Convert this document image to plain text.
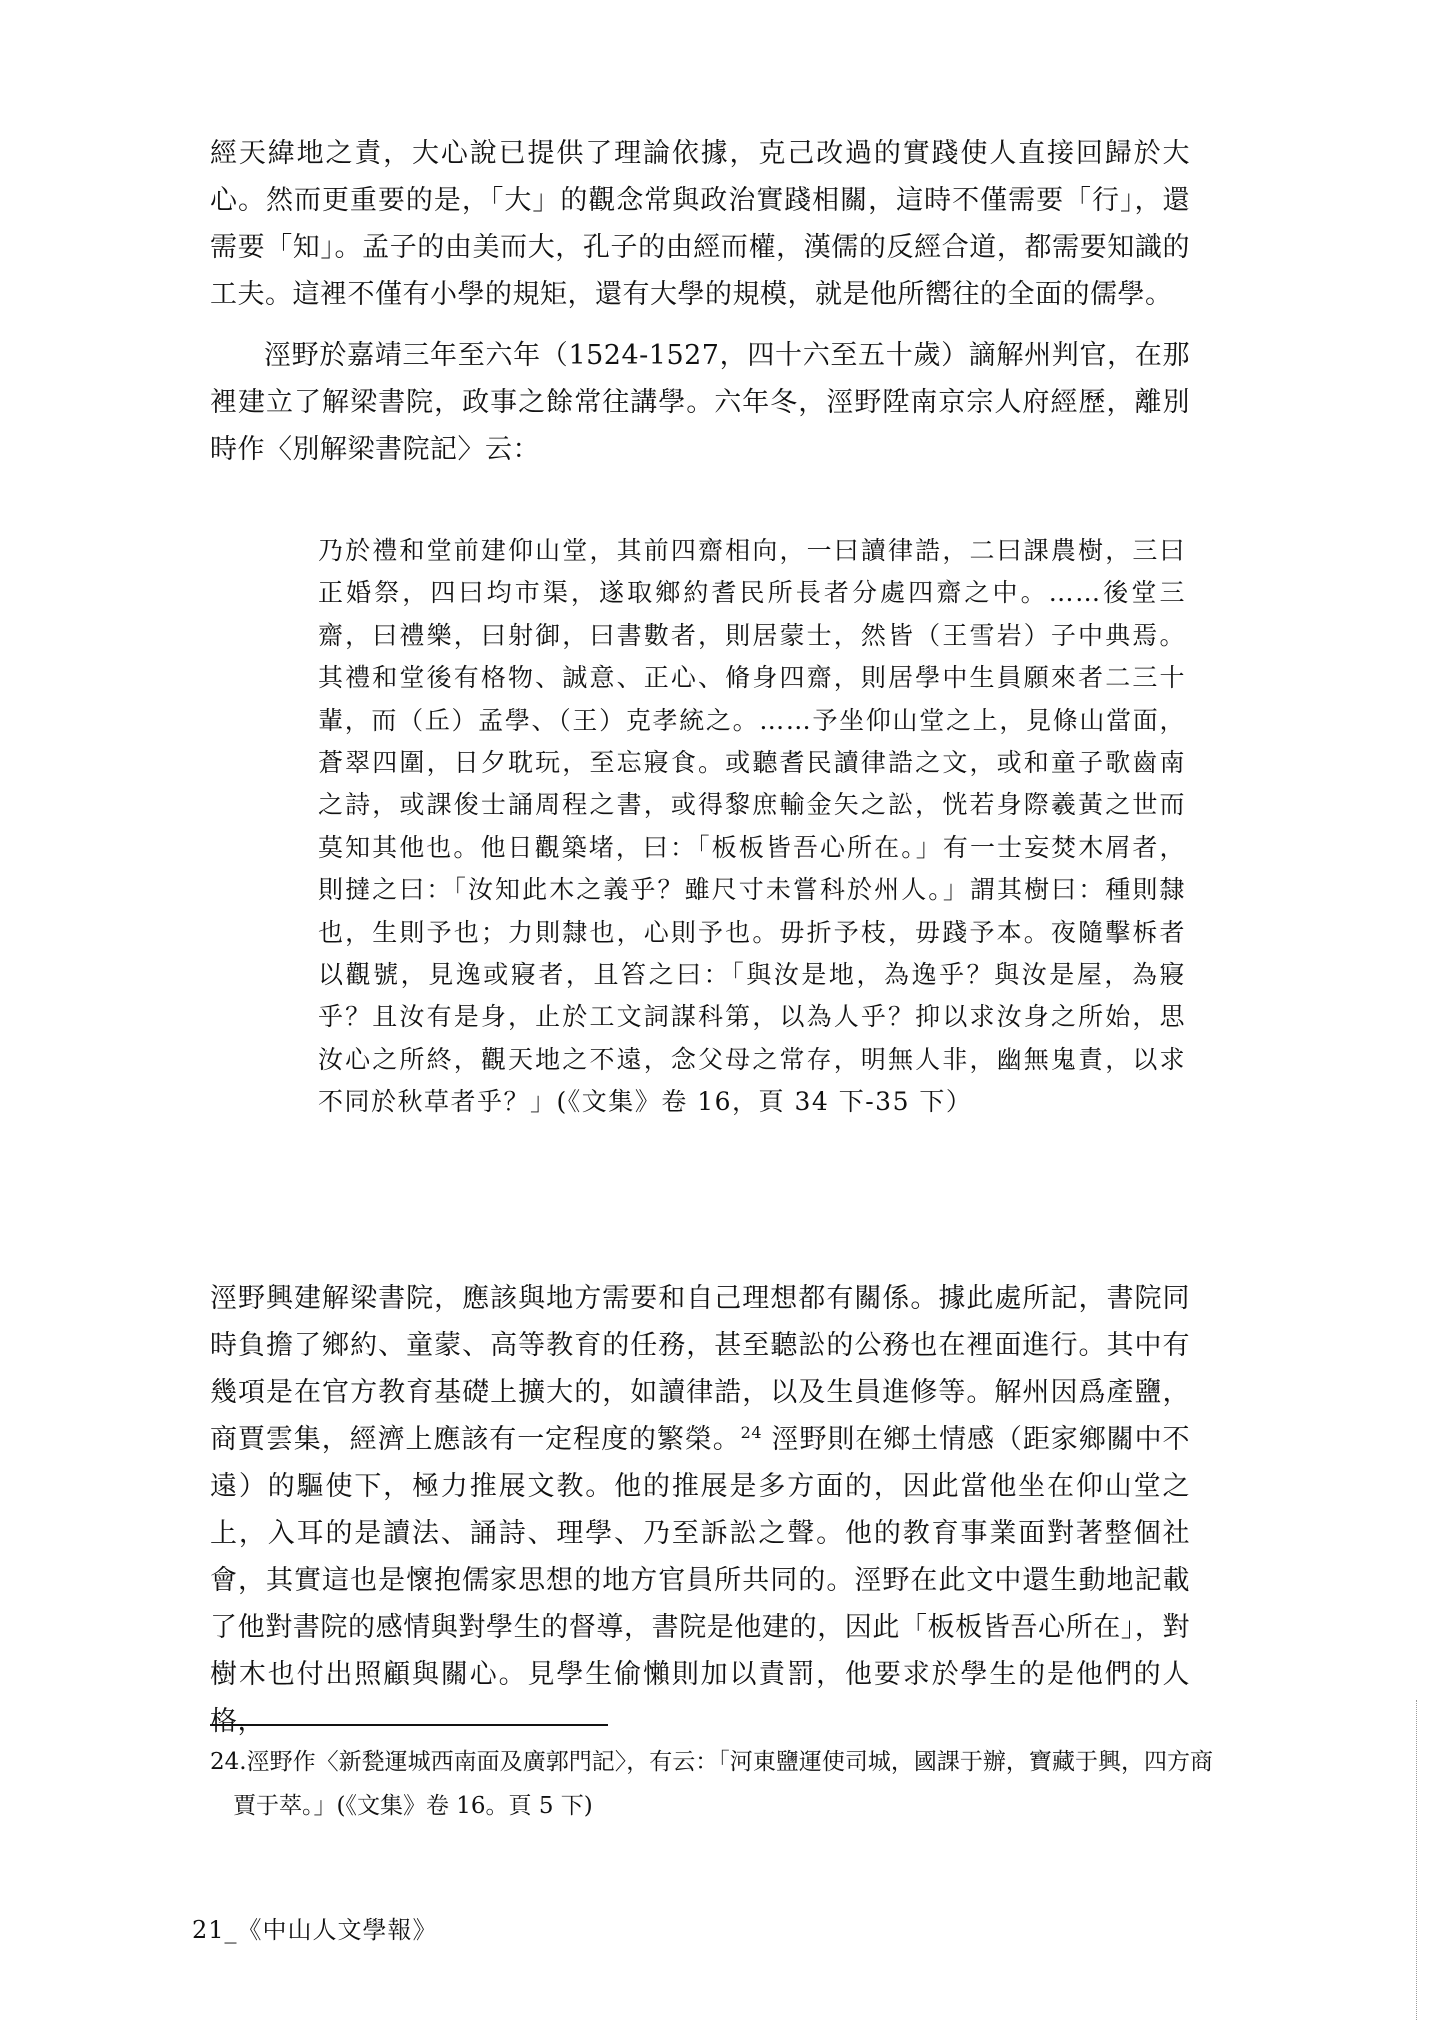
經天緯地之責，大心說已提供了理論依據，克己改過的實踐使人直接回歸於大心。然而更重要的是，「大」的觀念常與政治實踐相關，這時不僅需要「行」，還需要「知」。孟子的由美而大，孔子的由經而權，漢儒的反經合道，都需要知識的工夫。這裡不僅有小學的規矩，還有大學的規模，就是他所嚮往的全面的儒學。

涇野於嘉靖三年至六年（1524-1527，四十六至五十歲）謫解州判官，在那裡建立了解梁書院，政事之餘常往講學。六年冬，涇野陞南京宗人府經歷，離別時作〈別解梁書院記〉云：

乃於禮和堂前建仰山堂，其前四齋相向，一曰讀律誥，二曰課農樹，三曰正婚祭，四曰均市渠，遂取鄉約耆民所長者分處四齋之中。……後堂三齋，曰禮樂，曰射御，曰書數者，則居蒙士，然皆（王雪岩）子中典焉。其禮和堂後有格物、誠意、正心、脩身四齋，則居學中生員願來者二三十輩，而（丘）孟學、（王）克孝統之。……予坐仰山堂之上，見條山當面，蒼翠四圍，日夕耽玩，至忘寢食。或聽耆民讀律誥之文，或和童子歌齒南之詩，或課俊士誦周程之書，或得黎庶輸金矢之訟，恍若身際羲黃之世而莫知其他也。他日觀築堵，曰：「板板皆吾心所在。」有一士妄焚木屑者，則撻之曰：「汝知此木之義乎？雖尺寸未嘗科於州人。」謂其樹曰：種則隸也，生則予也；力則隸也，心則予也。毋折予枝，毋踐予本。夜隨擊柝者以觀號，見逸或寢者，且笞之曰：「與汝是地，為逸乎？與汝是屋，為寢乎？且汝有是身，止於工文詞謀科第，以為人乎？抑以求汝身之所始，思汝心之所終，觀天地之不遠，念父母之常存，明無人非，幽無鬼責，以求不同於秋草者乎？」(《文集》卷 16，頁 34 下-35 下）

涇野興建解梁書院，應該與地方需要和自己理想都有關係。據此處所記，書院同時負擔了鄉約、童蒙、高等教育的任務，甚至聽訟的公務也在裡面進行。其中有幾項是在官方教育基礎上擴大的，如讀律誥，以及生員進修等。解州因爲產鹽，商賈雲集，經濟上應該有一定程度的繁榮。$^{24}$ 涇野則在鄉土情感（距家鄉關中不遠）的驅使下，極力推展文教。他的推展是多方面的，因此當他坐在仰山堂之上，入耳的是讀法、誦詩、理學、乃至訴訟之聲。他的教育事業面對著整個社會，其實這也是懷抱儒家思想的地方官員所共同的。涇野在此文中還生動地記載了他對書院的感情與對學生的督導，書院是他建的，因此「板板皆吾心所在」，對樹木也付出照顧與關心。見學生偷懶則加以責罰，他要求於學生的是他們的人格，

24.涇野作〈新甃運城西南面及廣郭門記〉，有云：「河東鹽運使司城，國課于辦，寶藏于興，四方商賈于萃。」(《文集》卷 16。頁 5 下)

21_《中山人文學報》
